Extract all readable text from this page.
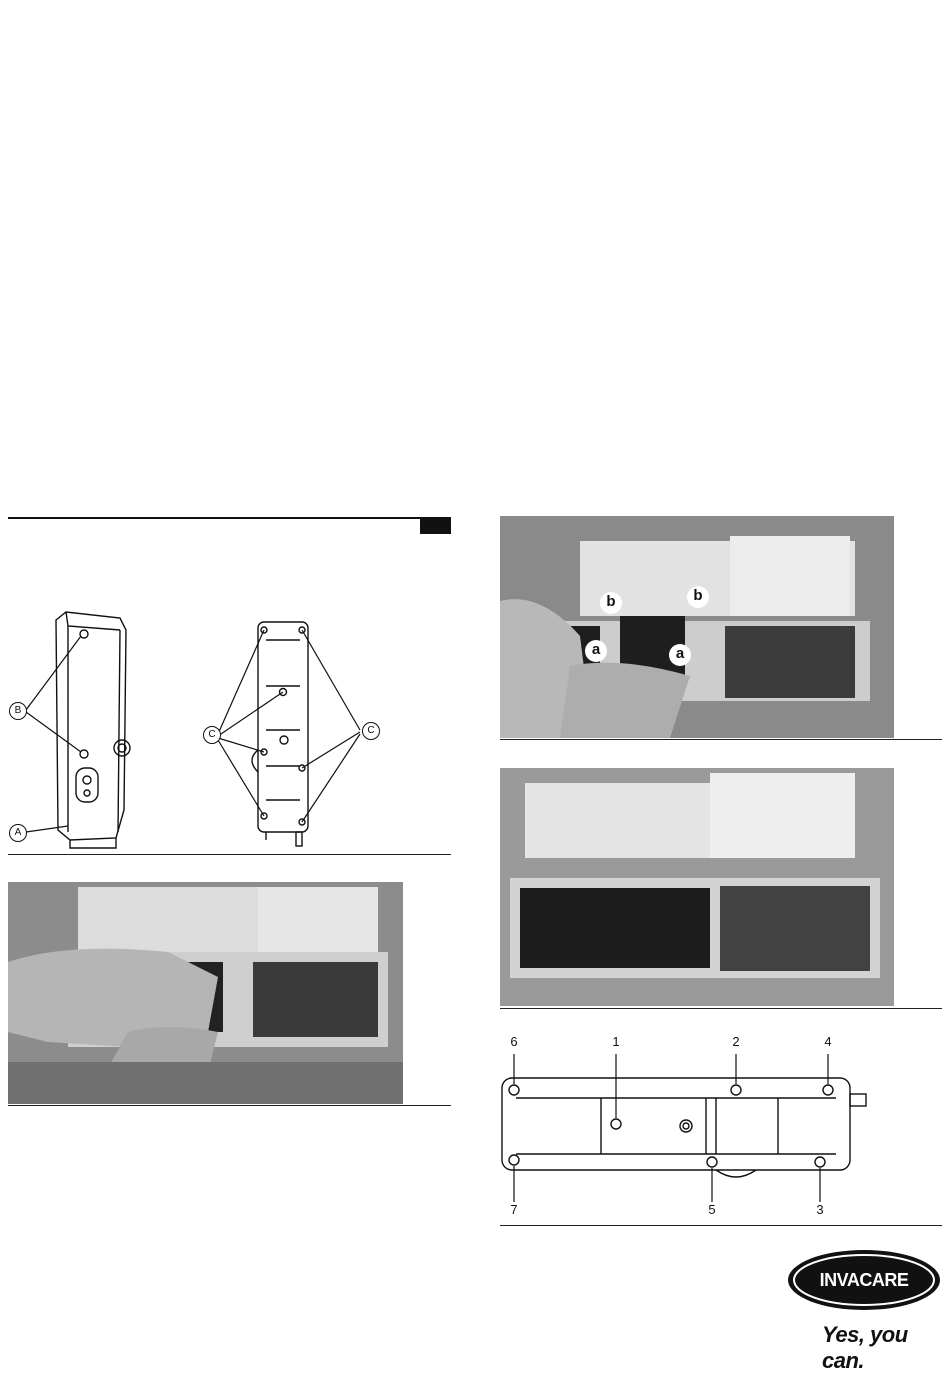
B
A
C	C
b	b
a	a
6	1	2	4
7	5	3
INVACARE
Yes, you can.
